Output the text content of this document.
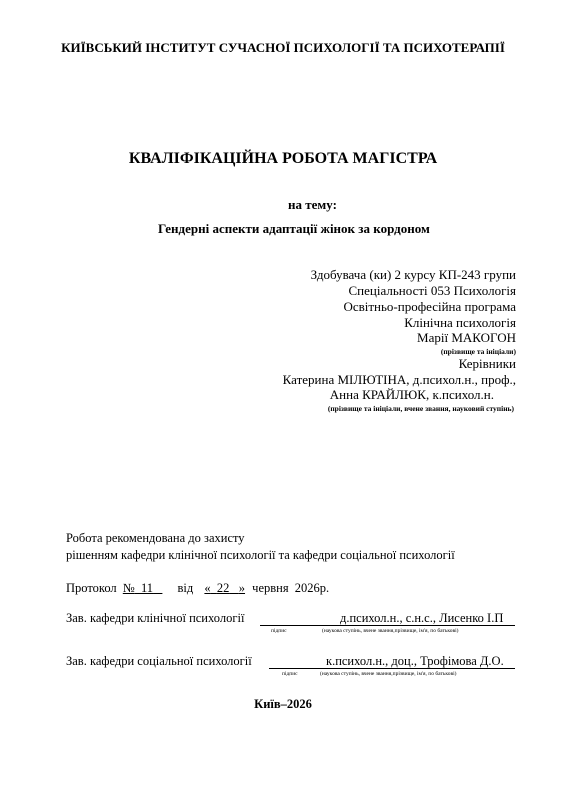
КИЇВСЬКИЙ ІНСТИТУТ СУЧАСНОЇ ПСИХОЛОГІЇ ТА ПСИХОТЕРАПІЇ
КВАЛІФІКАЦІЙНА РОБОТА МАГІСТРА
на тему:
Гендерні аспекти адаптації жінок за кордоном
Здобувача (ки) 2 курсу КП-243 групи
Спеціальності 053 Психологія
Освітньо-професійна програма
Клінічна психологія
Марії МАКОГОН
(прізвище та ініціали)
Керівники
Катерина МІЛЮТІНА, д.психол.н., проф.,
Анна КРАЙЛЮК, к.психол.н.
(прізвище та ініціали, вчене звання, науковий ступінь)
Робота рекомендована до захисту
рішенням кафедри клінічної психології та кафедри соціальної психології
Протокол № 11 від « 22 » червня 2026р.
Зав. кафедри клінічної психології	д.психол.н., с.н.с., Лисенко І.П
підпис	(наукова ступінь, вчене звання,прізвище, ім'я, по батькові)
Зав. кафедри соціальної психології	к.психол.н., доц., Трофімова Д.О.
підпис	(наукова ступінь, вчене звання,прізвище, ім'я, по батькові)
Київ–2026
